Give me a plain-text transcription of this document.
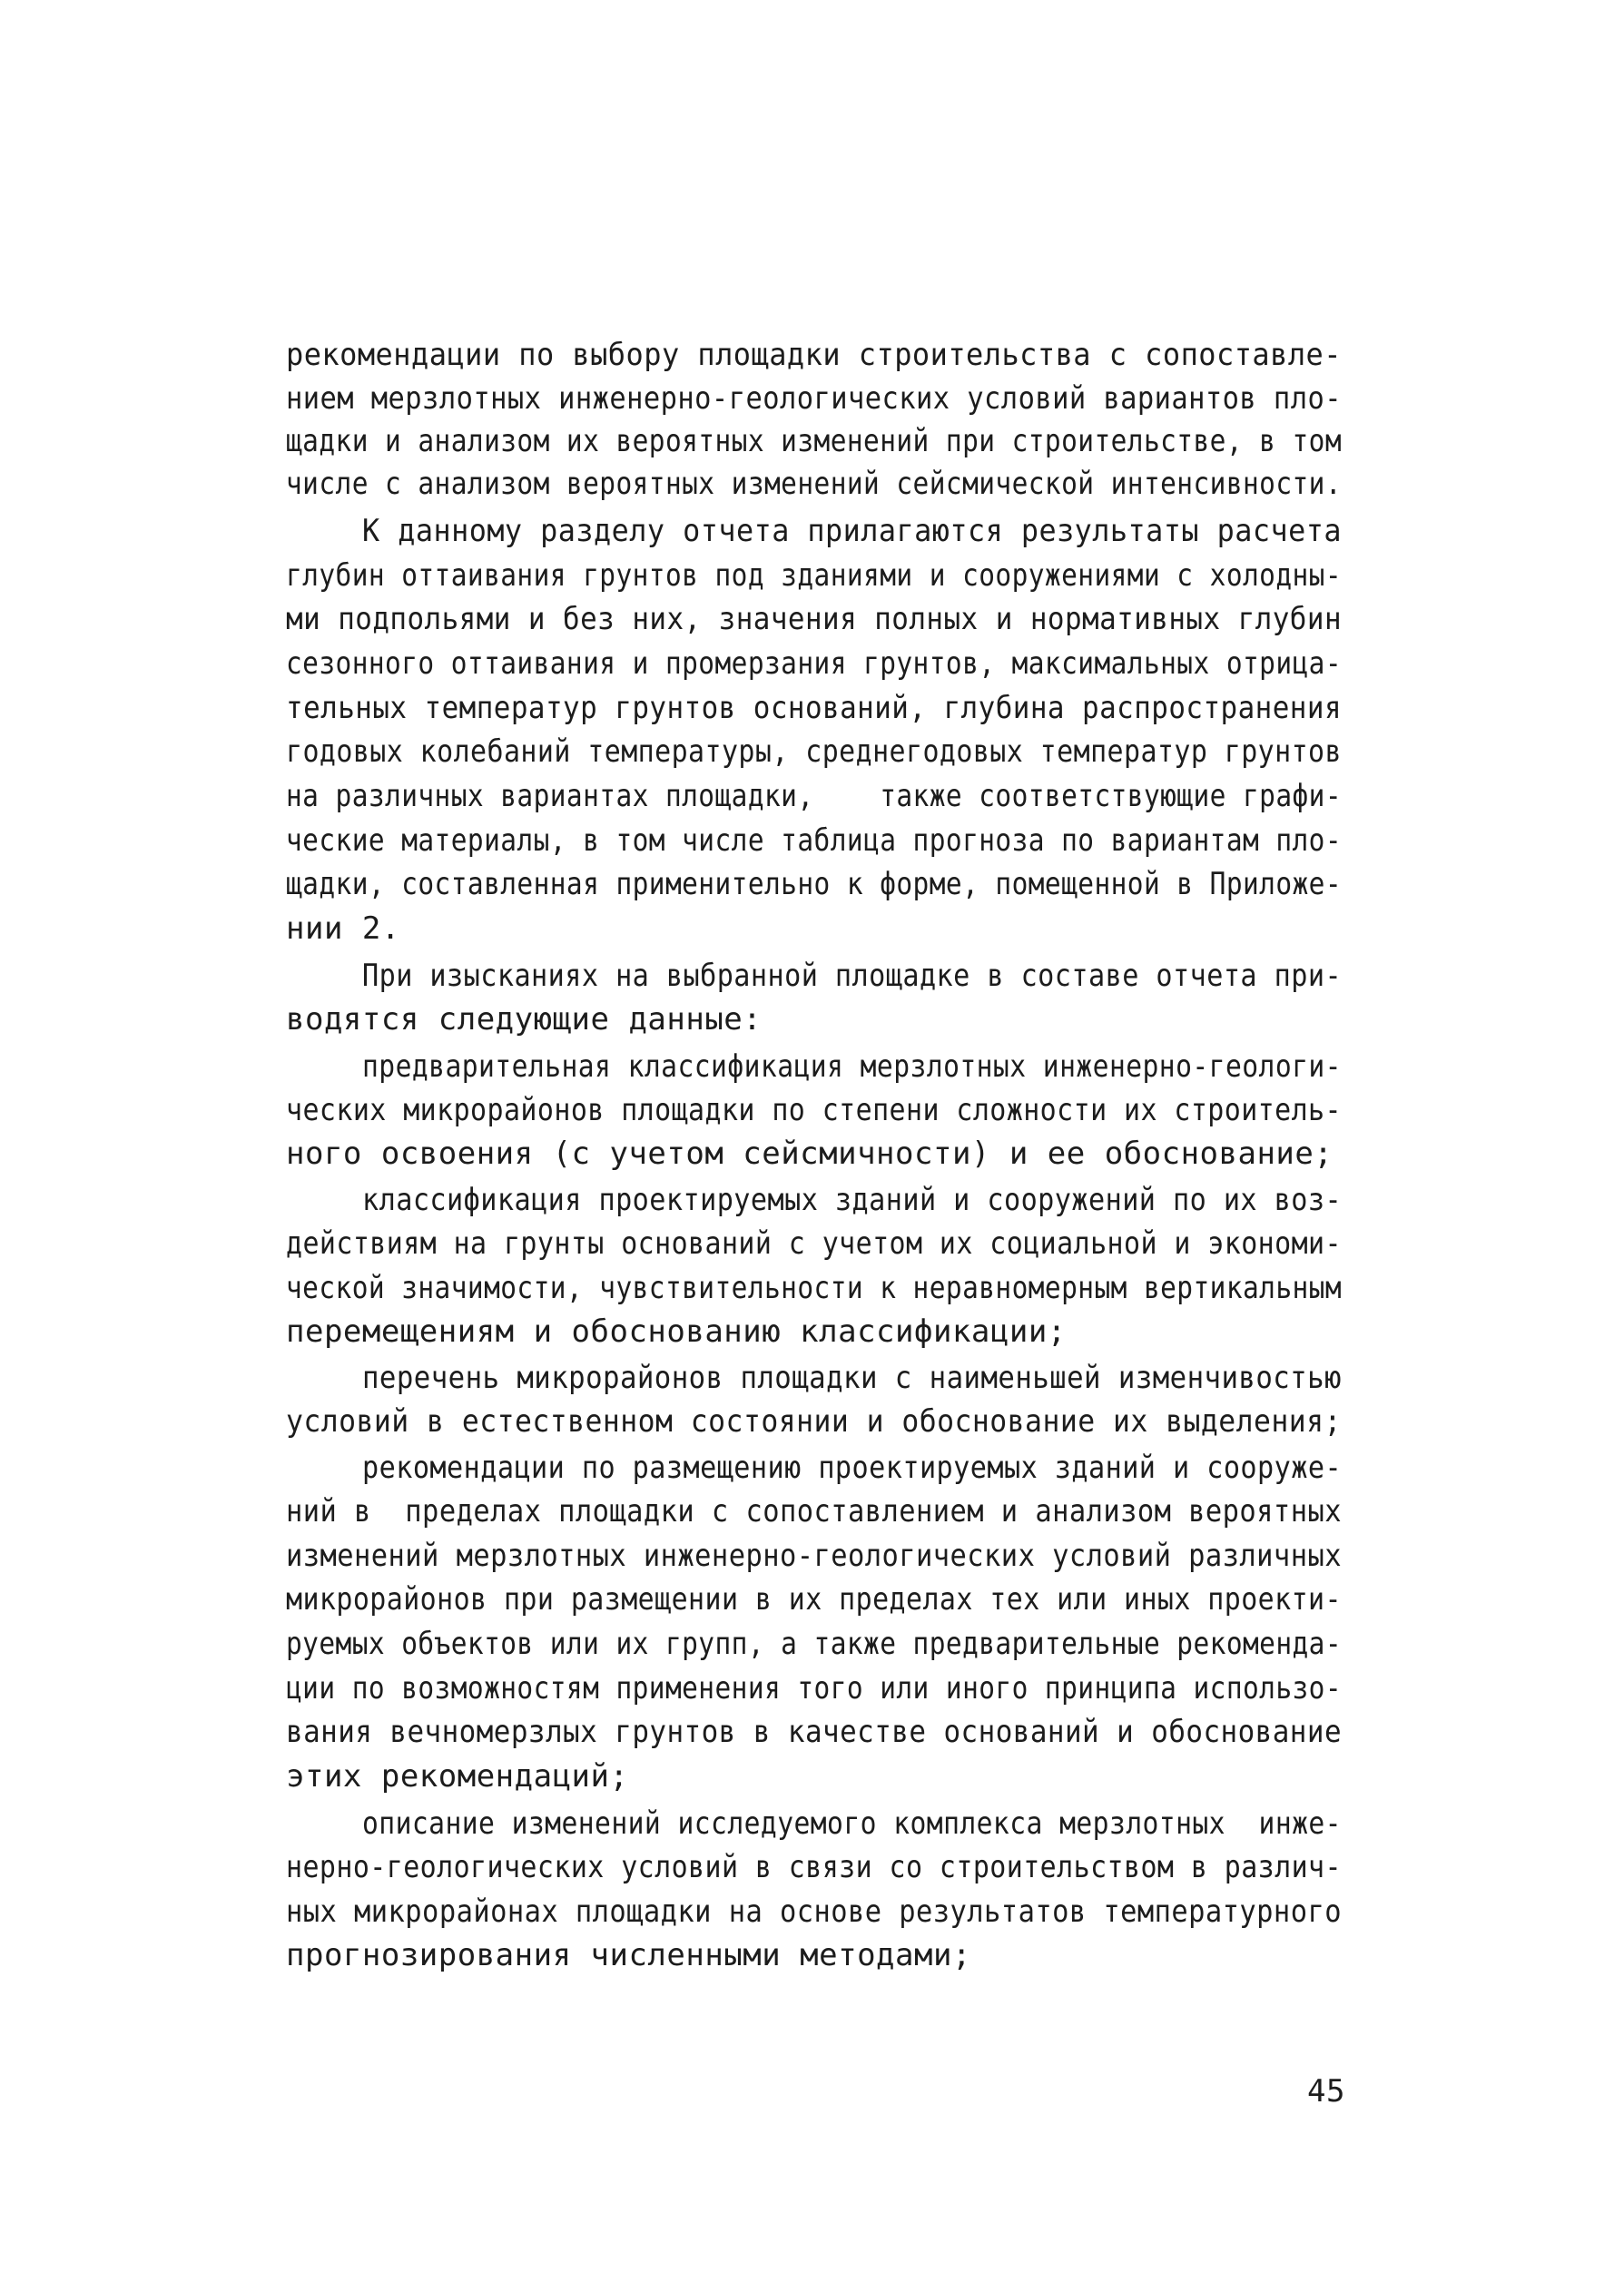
рекомендации по выбору площадки строительства с сопоставле-
нием мерзлотных инженерно-геологических условий вариантов пло-
щадки и анализом их вероятных изменений при строительстве, в том
числе с анализом вероятных изменений сейсмической интенсивности.
К данному разделу отчета прилагаются результаты расчета
глубин оттаивания грунтов под зданиями и сооружениями с холодны-
ми подпольями и без них, значения полных и нормативных глубин
сезонного оттаивания и промерзания грунтов, максимальных отрица-
тельных температур грунтов оснований, глубина распространения
годовых колебаний температуры, среднегодовых температур грунтов
на различных вариантах площадки,    также соответствующие графи-
ческие материалы, в том числе таблица прогноза по вариантам пло-
щадки, составленная применительно к форме, помещенной в Приложе-
нии 2.
При изысканиях на выбранной площадке в составе отчета при-
водятся следующие данные:
предварительная классификация мерзлотных инженерно-геологи-
ческих микрорайонов площадки по степени сложности их строитель-
ного освоения (с учетом сейсмичности) и ее обоснование;
классификация проектируемых зданий и сооружений по их воз-
действиям на грунты оснований с учетом их социальной и экономи-
ческой значимости, чувствительности к неравномерным вертикальным
перемещениям и обоснованию классификации;
перечень микрорайонов площадки с наименьшей изменчивостью
условий в естественном состоянии и обоснование их выделения;
рекомендации по размещению проектируемых зданий и сооруже-
ний в  пределах площадки с сопоставлением и анализом вероятных
изменений мерзлотных инженерно-геологических условий различных
микрорайонов при размещении в их пределах тех или иных проекти-
руемых объектов или их групп, а также предварительные рекоменда-
ции по возможностям применения того или иного принципа использо-
вания вечномерзлых грунтов в качестве оснований и обоснование
этих рекомендаций;
описание изменений исследуемого комплекса мерзлотных  инже-
нерно-геологических условий в связи со строительством в различ-
ных микрорайонах площадки на основе результатов температурного
прогнозирования численными методами;
45
